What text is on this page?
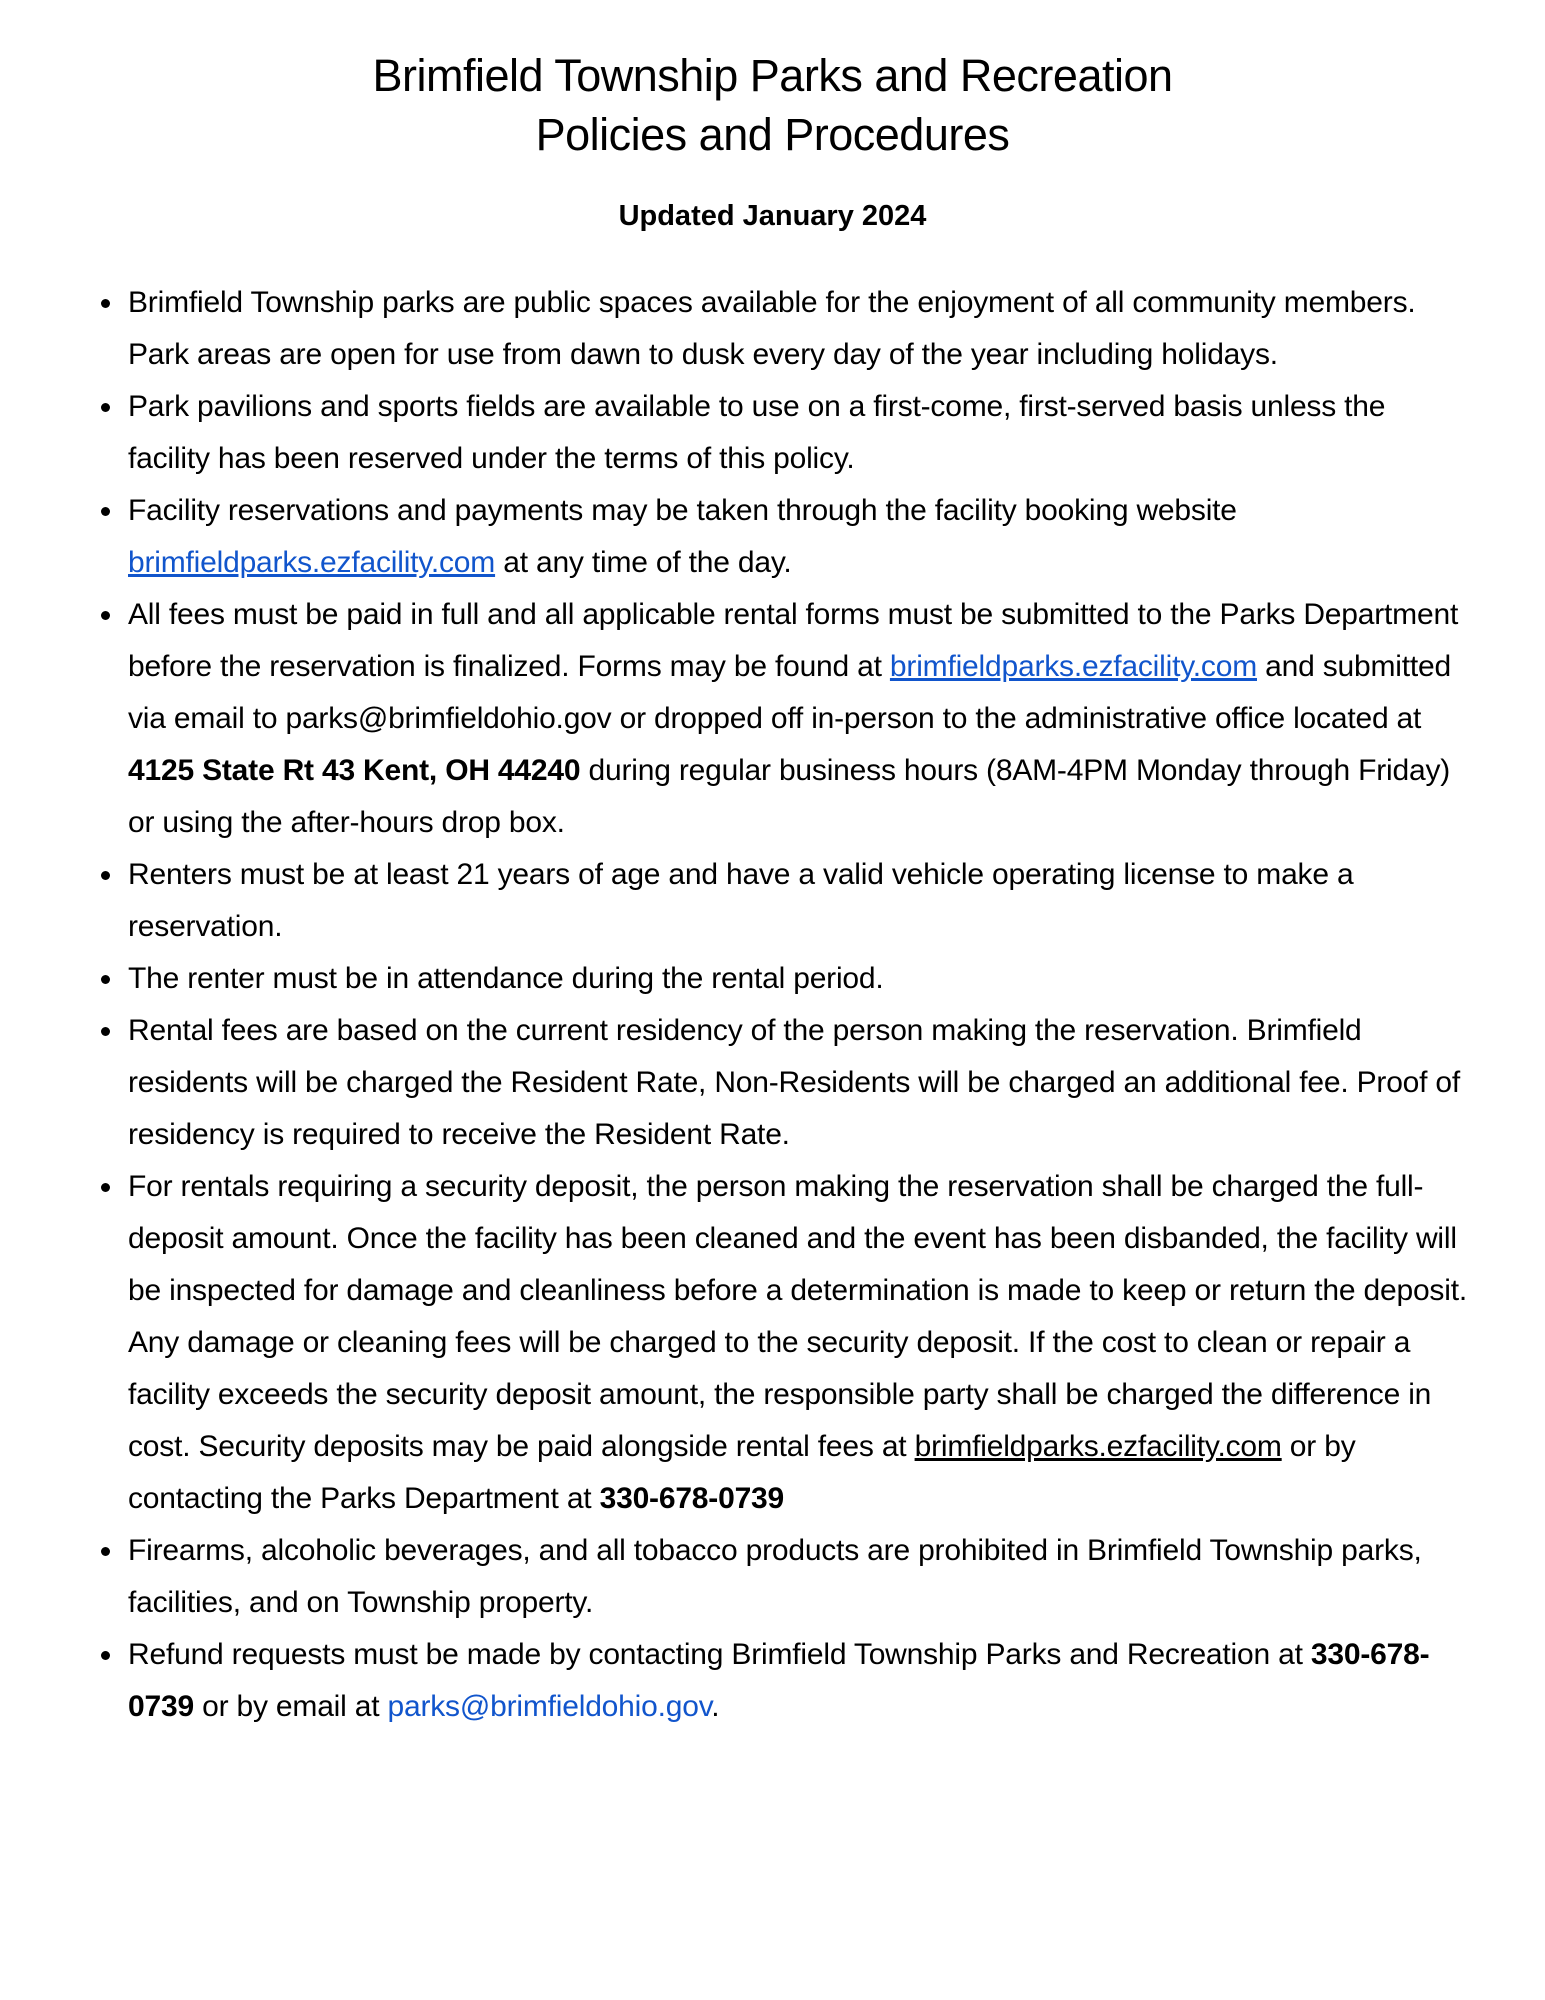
Brimfield Township Parks and Recreation
Policies and Procedures
Updated January 2024
Brimfield Township parks are public spaces available for the enjoyment of all community members. Park areas are open for use from dawn to dusk every day of the year including holidays.
Park pavilions and sports fields are available to use on a first-come, first-served basis unless the facility has been reserved under the terms of this policy.
Facility reservations and payments may be taken through the facility booking website brimfieldparks.ezfacility.com at any time of the day.
All fees must be paid in full and all applicable rental forms must be submitted to the Parks Department before the reservation is finalized. Forms may be found at brimfieldparks.ezfacility.com and submitted via email to parks@brimfieldohio.gov or dropped off in-person to the administrative office located at 4125 State Rt 43 Kent, OH 44240 during regular business hours (8AM-4PM Monday through Friday) or using the after-hours drop box.
Renters must be at least 21 years of age and have a valid vehicle operating license to make a reservation.
The renter must be in attendance during the rental period.
Rental fees are based on the current residency of the person making the reservation. Brimfield residents will be charged the Resident Rate, Non-Residents will be charged an additional fee. Proof of residency is required to receive the Resident Rate.
For rentals requiring a security deposit, the person making the reservation shall be charged the full-deposit amount. Once the facility has been cleaned and the event has been disbanded, the facility will be inspected for damage and cleanliness before a determination is made to keep or return the deposit. Any damage or cleaning fees will be charged to the security deposit. If the cost to clean or repair a facility exceeds the security deposit amount, the responsible party shall be charged the difference in cost. Security deposits may be paid alongside rental fees at brimfieldparks.ezfacility.com or by contacting the Parks Department at 330-678-0739
Firearms, alcoholic beverages, and all tobacco products are prohibited in Brimfield Township parks, facilities, and on Township property.
Refund requests must be made by contacting Brimfield Township Parks and Recreation at 330-678-0739 or by email at parks@brimfieldohio.gov.
